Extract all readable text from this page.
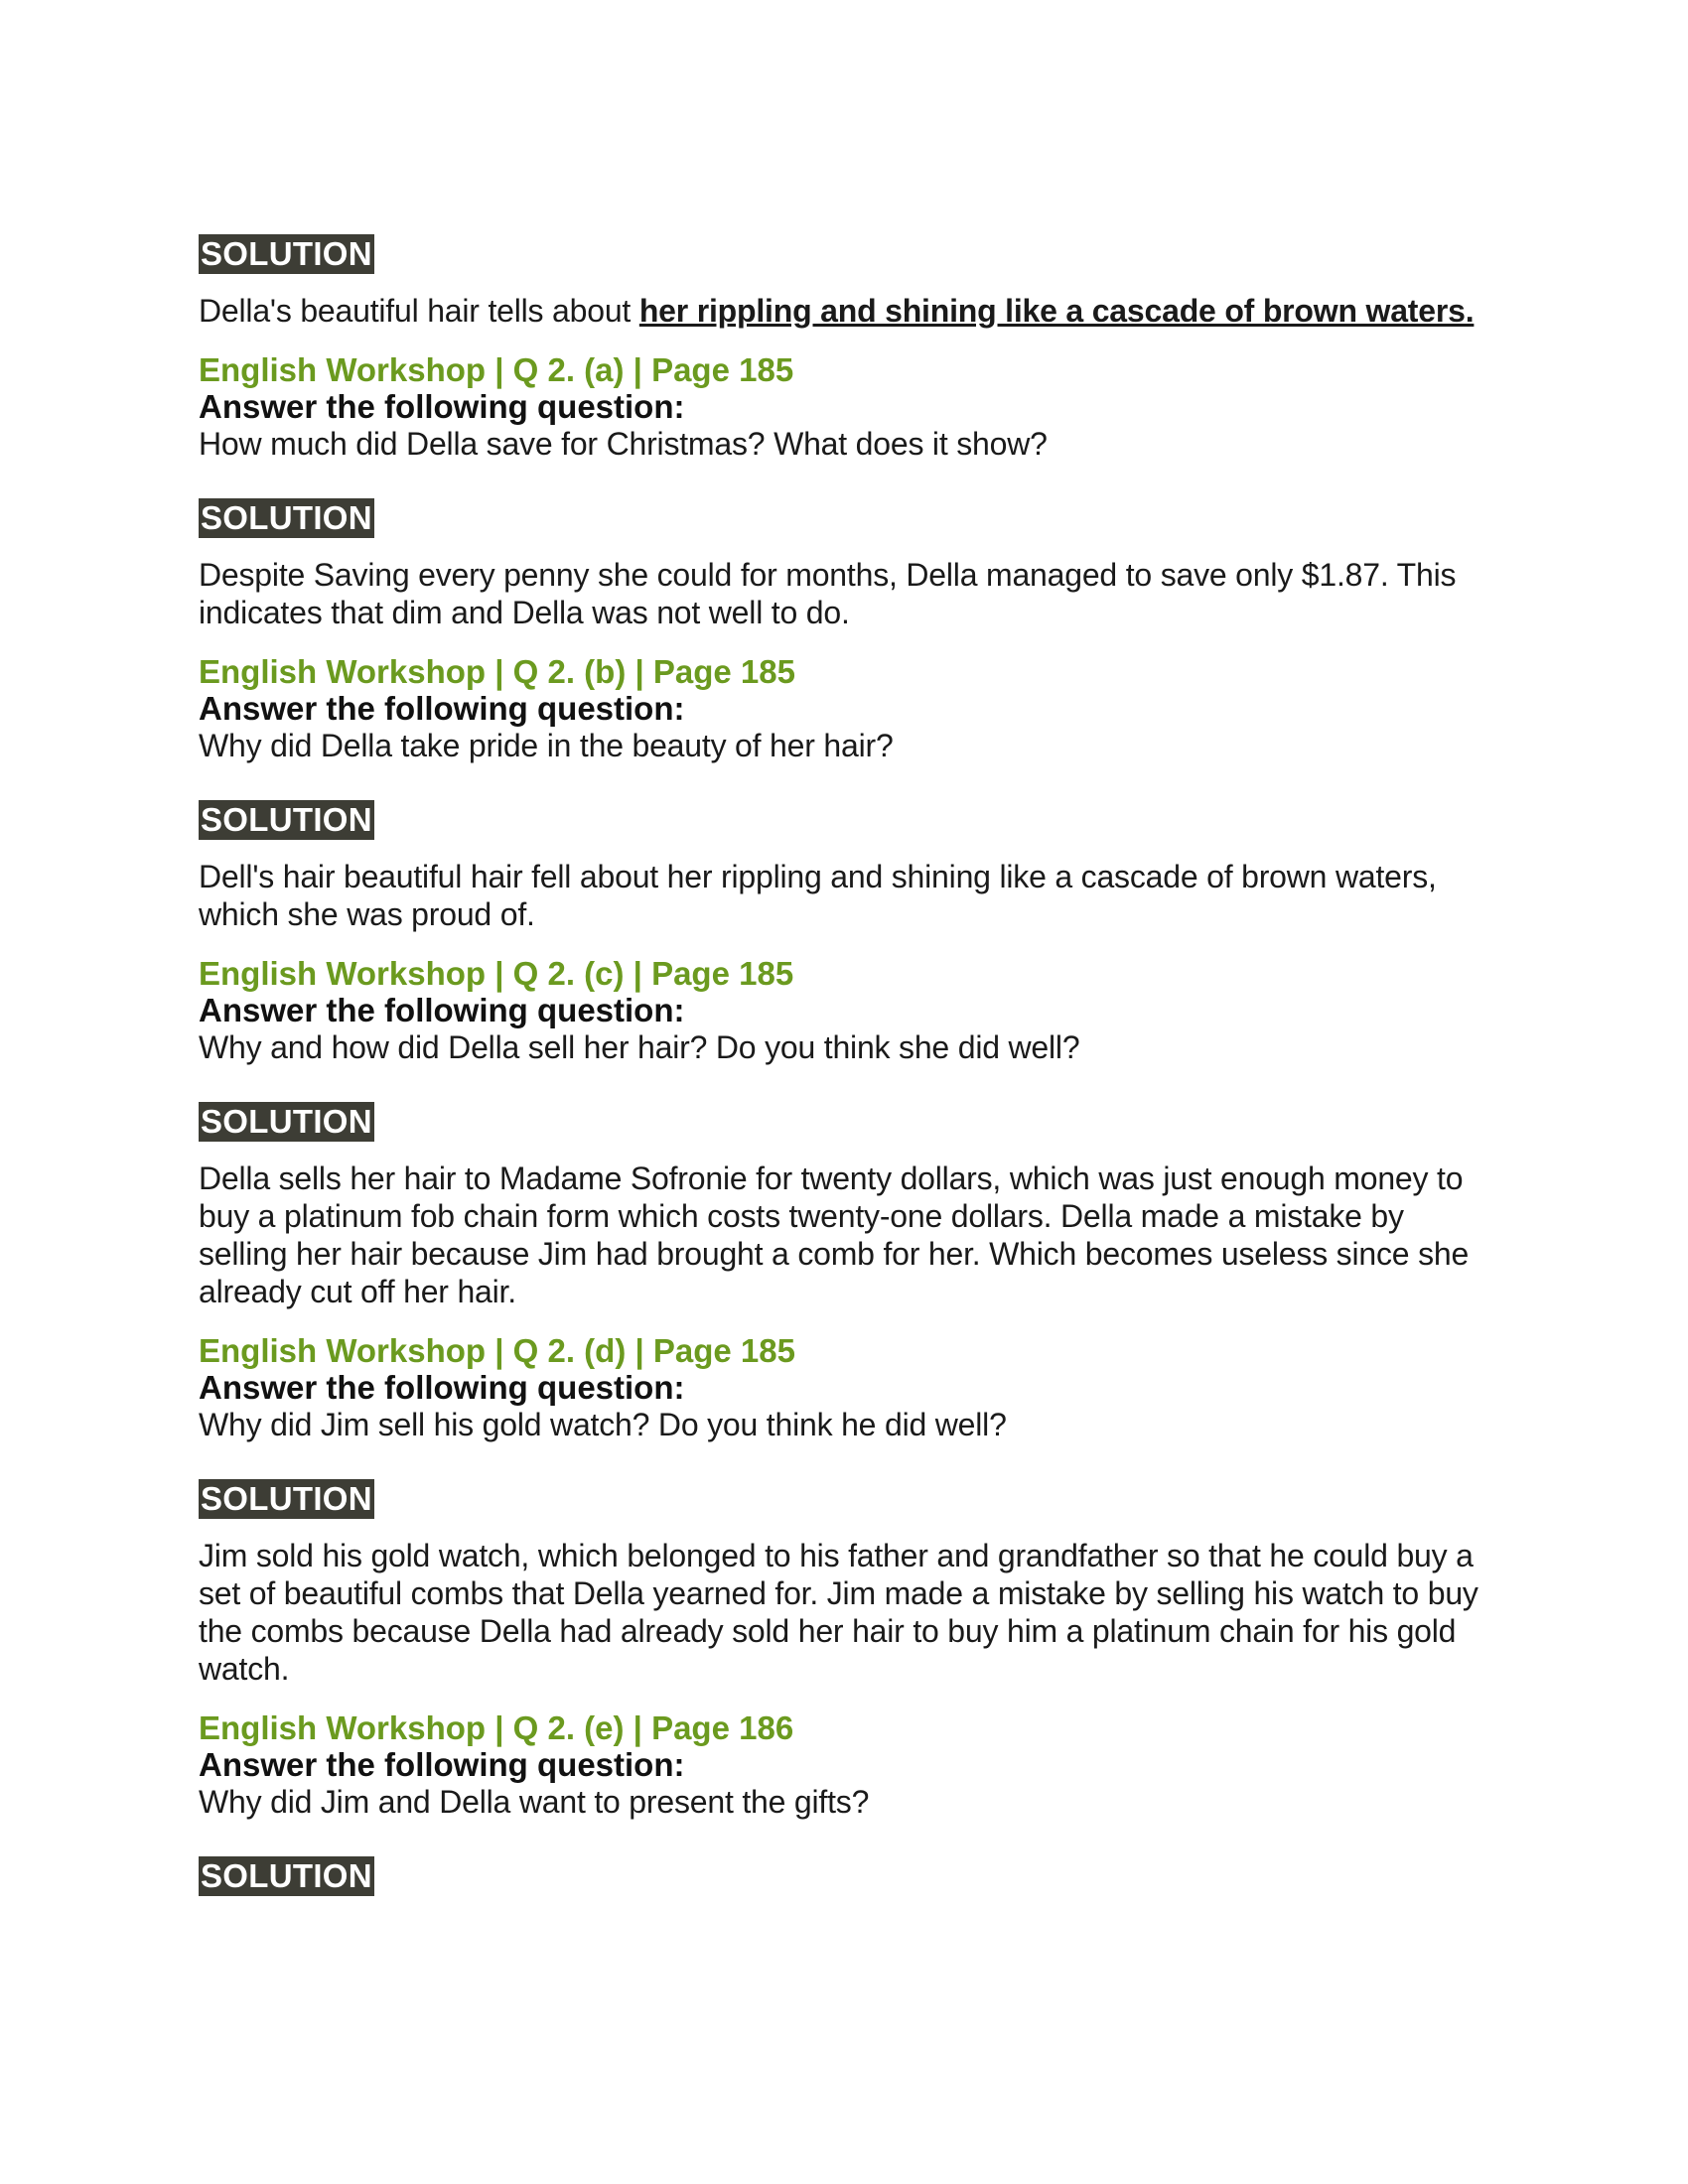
SOLUTION

Della's beautiful hair tells about her rippling and shining like a cascade of brown waters.

English Workshop | Q 2. (a) | Page 185

Answer the following question:

How much did Della save for Christmas? What does it show?

SOLUTION

Despite Saving every penny she could for months, Della managed to save only $1.87. This indicates that dim and Della was not well to do.

English Workshop | Q 2. (b) | Page 185

Answer the following question:

Why did Della take pride in the beauty of her hair?

SOLUTION

Dell's hair beautiful hair fell about her rippling and shining like a cascade of brown waters, which she was proud of.

English Workshop | Q 2. (c) | Page 185

Answer the following question:

Why and how did Della sell her hair? Do you think she did well?

SOLUTION

Della sells her hair to Madame Sofronie for twenty dollars, which was just enough money to buy a platinum fob chain form which costs twenty-one dollars. Della made a mistake by selling her hair because Jim had brought a comb for her. Which becomes useless since she already cut off her hair.

English Workshop | Q 2. (d) | Page 185

Answer the following question:

Why did Jim sell his gold watch? Do you think he did well?

SOLUTION

Jim sold his gold watch, which belonged to his father and grandfather so that he could buy a set of beautiful combs that Della yearned for. Jim made a mistake by selling his watch to buy the combs because Della had already sold her hair to buy him a platinum chain for his gold watch.

English Workshop | Q 2. (e) | Page 186

Answer the following question:

Why did Jim and Della want to present the gifts?

SOLUTION
